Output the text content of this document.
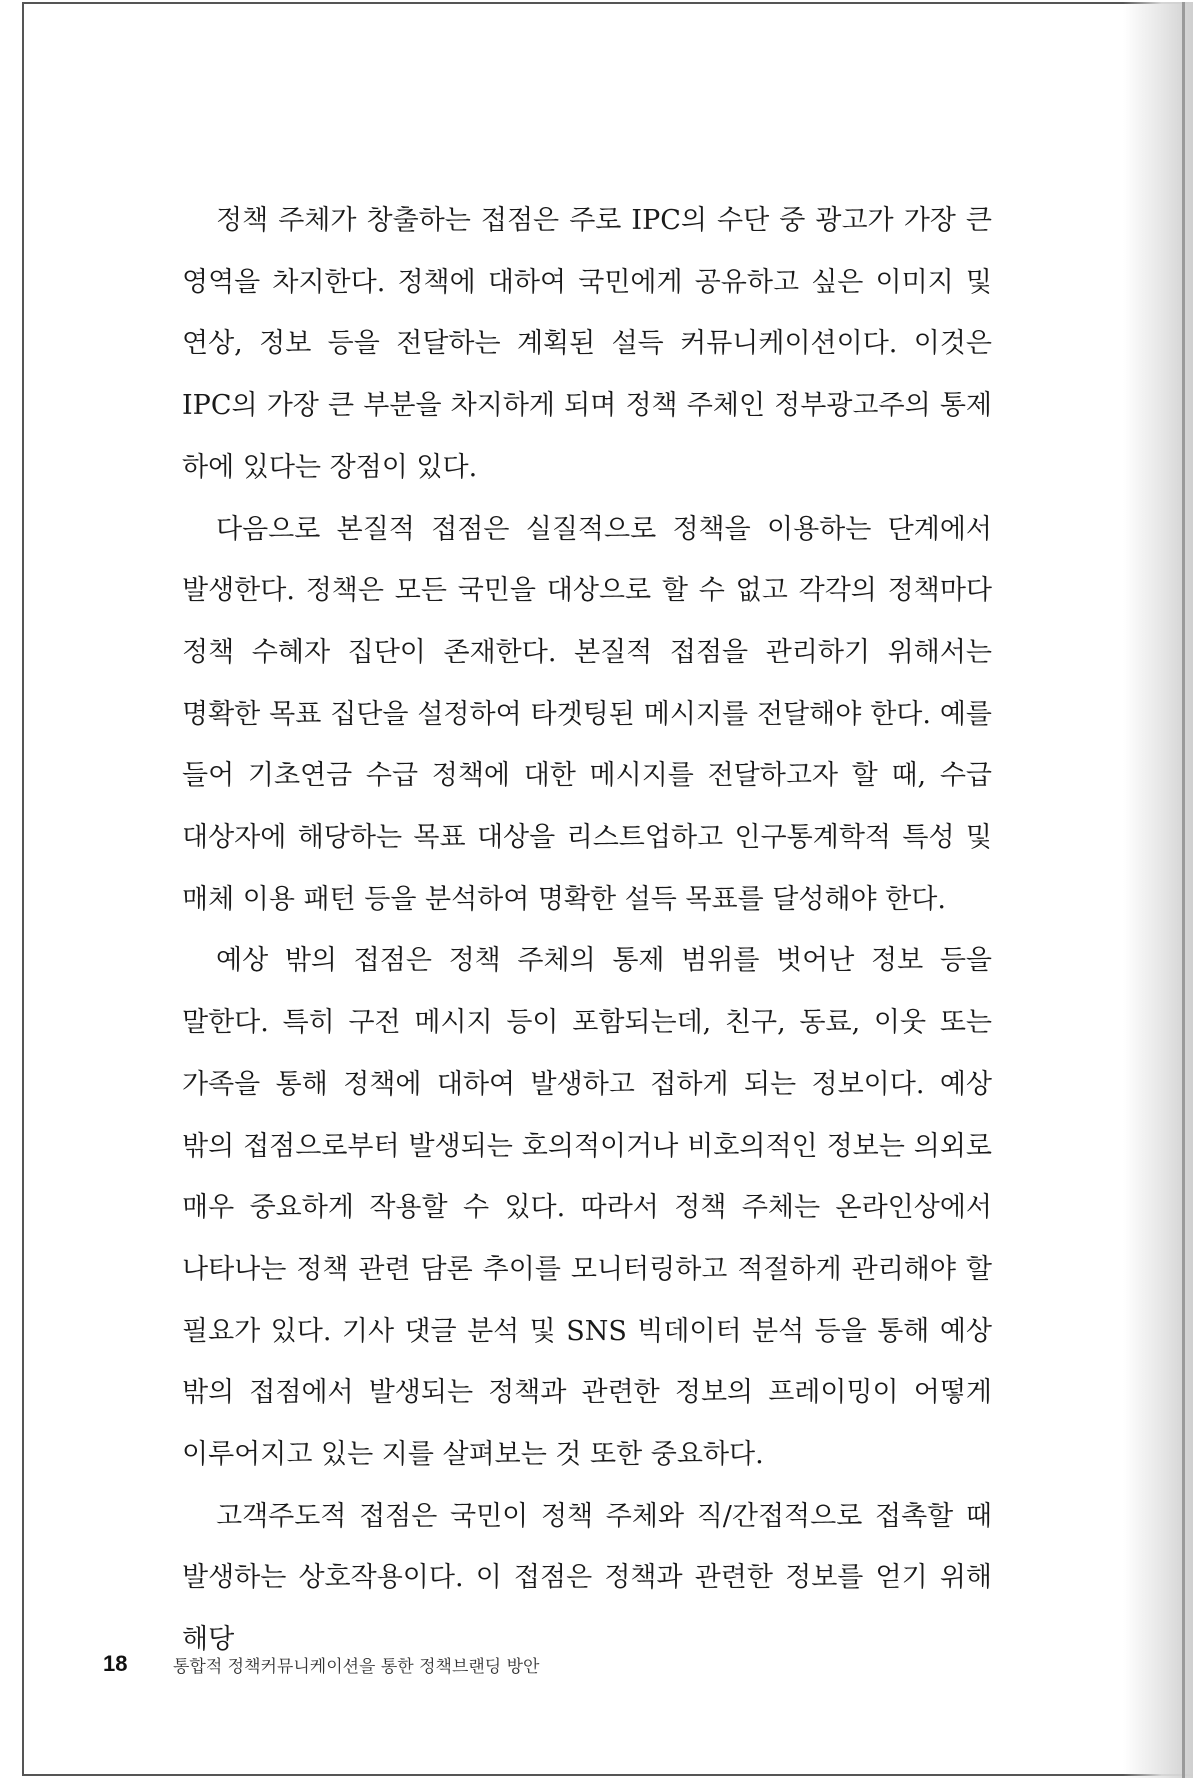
정책 주체가 창출하는 접점은 주로 IPC의 수단 중 광고가 가장 큰 영역을 차지한다. 정책에 대하여 국민에게 공유하고 싶은 이미지 및 연상, 정보 등을 전달하는 계획된 설득 커뮤니케이션이다. 이것은 IPC의 가장 큰 부분을 차지하게 되며 정책 주체인 정부광고주의 통제 하에 있다는 장점이 있다.

다음으로 본질적 접점은 실질적으로 정책을 이용하는 단계에서 발생한다. 정책은 모든 국민을 대상으로 할 수 없고 각각의 정책마다 정책 수혜자 집단이 존재한다. 본질적 접점을 관리하기 위해서는 명확한 목표 집단을 설정하여 타겟팅된 메시지를 전달해야 한다. 예를 들어 기초연금 수급 정책에 대한 메시지를 전달하고자 할 때, 수급 대상자에 해당하는 목표 대상을 리스트업하고 인구통계학적 특성 및 매체 이용 패턴 등을 분석하여 명확한 설득 목표를 달성해야 한다.

예상 밖의 접점은 정책 주체의 통제 범위를 벗어난 정보 등을 말한다. 특히 구전 메시지 등이 포함되는데, 친구, 동료, 이웃 또는 가족을 통해 정책에 대하여 발생하고 접하게 되는 정보이다. 예상 밖의 접점으로부터 발생되는 호의적이거나 비호의적인 정보는 의외로 매우 중요하게 작용할 수 있다. 따라서 정책 주체는 온라인상에서 나타나는 정책 관련 담론 추이를 모니터링하고 적절하게 관리해야 할 필요가 있다. 기사 댓글 분석 및 SNS 빅데이터 분석 등을 통해 예상 밖의 접점에서 발생되는 정책과 관련한 정보의 프레이밍이 어떻게 이루어지고 있는 지를 살펴보는 것 또한 중요하다.

고객주도적 접점은 국민이 정책 주체와 직/간접적으로 접촉할 때 발생하는 상호작용이다. 이 접점은 정책과 관련한 정보를 얻기 위해 해당

18	통합적 정책커뮤니케이션을 통한 정책브랜딩 방안
